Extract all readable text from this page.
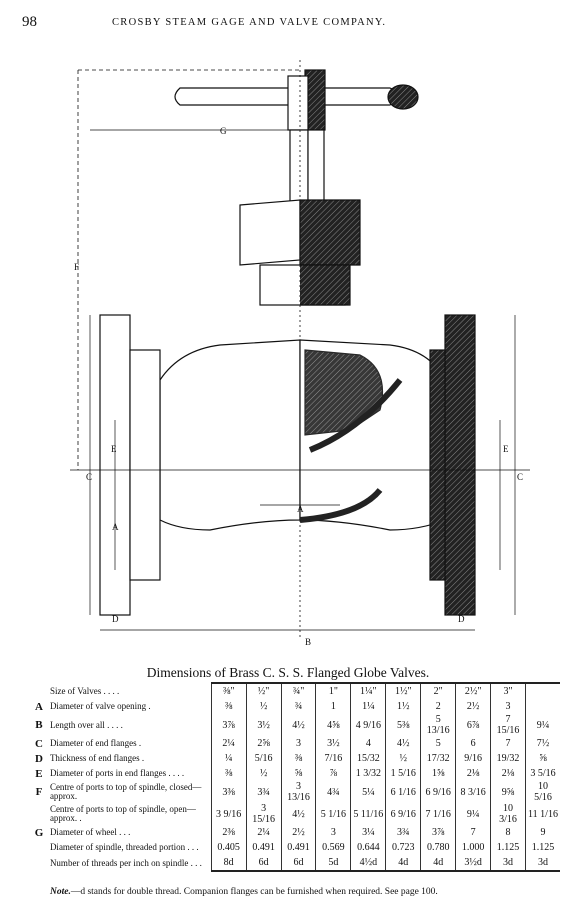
98	CROSBY STEAM GAGE AND VALVE COMPANY.
G
A
A
B
C	C
D	D
E	E
F
Dimensions of Brass C. S. S. Flanged Globe Valves.
	Size of Valves . . . .	⅜"	½"	¾"	1"	1¼"	1½"	2"	2½"	3"	
A	Diameter of valve opening .	⅜	½	¾	1	1¼	1½	2	2½	3	
B	Length over all . . . .	3⅞	3½	4½	4⅝	4 9/16	5⅜	5 13/16	6⅞	7 15/16	9¼
C	Diameter of end flanges .	2¼	2⅝	3	3½	4	4½	5	6	7	7½
D	Thickness of end flanges .	¼	5/16	⅜	7/16	15/32	½	17/32	9/16	19/32	⅝
E	Diameter of ports in end flanges . . . .	⅜	½	⅝	⅞	1 3/32	1 5/16	1⅝	2⅛	2⅛	3 5/16
F	Centre of ports to top of spindle, closed—approx.	3⅜	3¾	3 13/16	4¾	5¼	6 1/16	6 9/16	8 3/16	9⅝	10 5/16
	Centre of ports to top of spindle, open—approx. .	3 9/16	3 15/16	4½	5 1/16	5 11/16	6 9/16	7 1/16	9¼	10 3/16	11 1/16
G	Diameter of wheel . . .	2⅜	2¼	2½	3	3¼	3¾	3⅞	7	8	9
	Diameter of spindle, threaded portion . . .	0.405	0.491	0.491	0.569	0.644	0.723	0.780	1.000	1.125	1.125
	Number of threads per inch on spindle . . .	8d	6d	6d	5d	4½d	4d	4d	3½d	3d	3d
Note.—d stands for double thread. Companion flanges can be furnished when required. See page 100.
